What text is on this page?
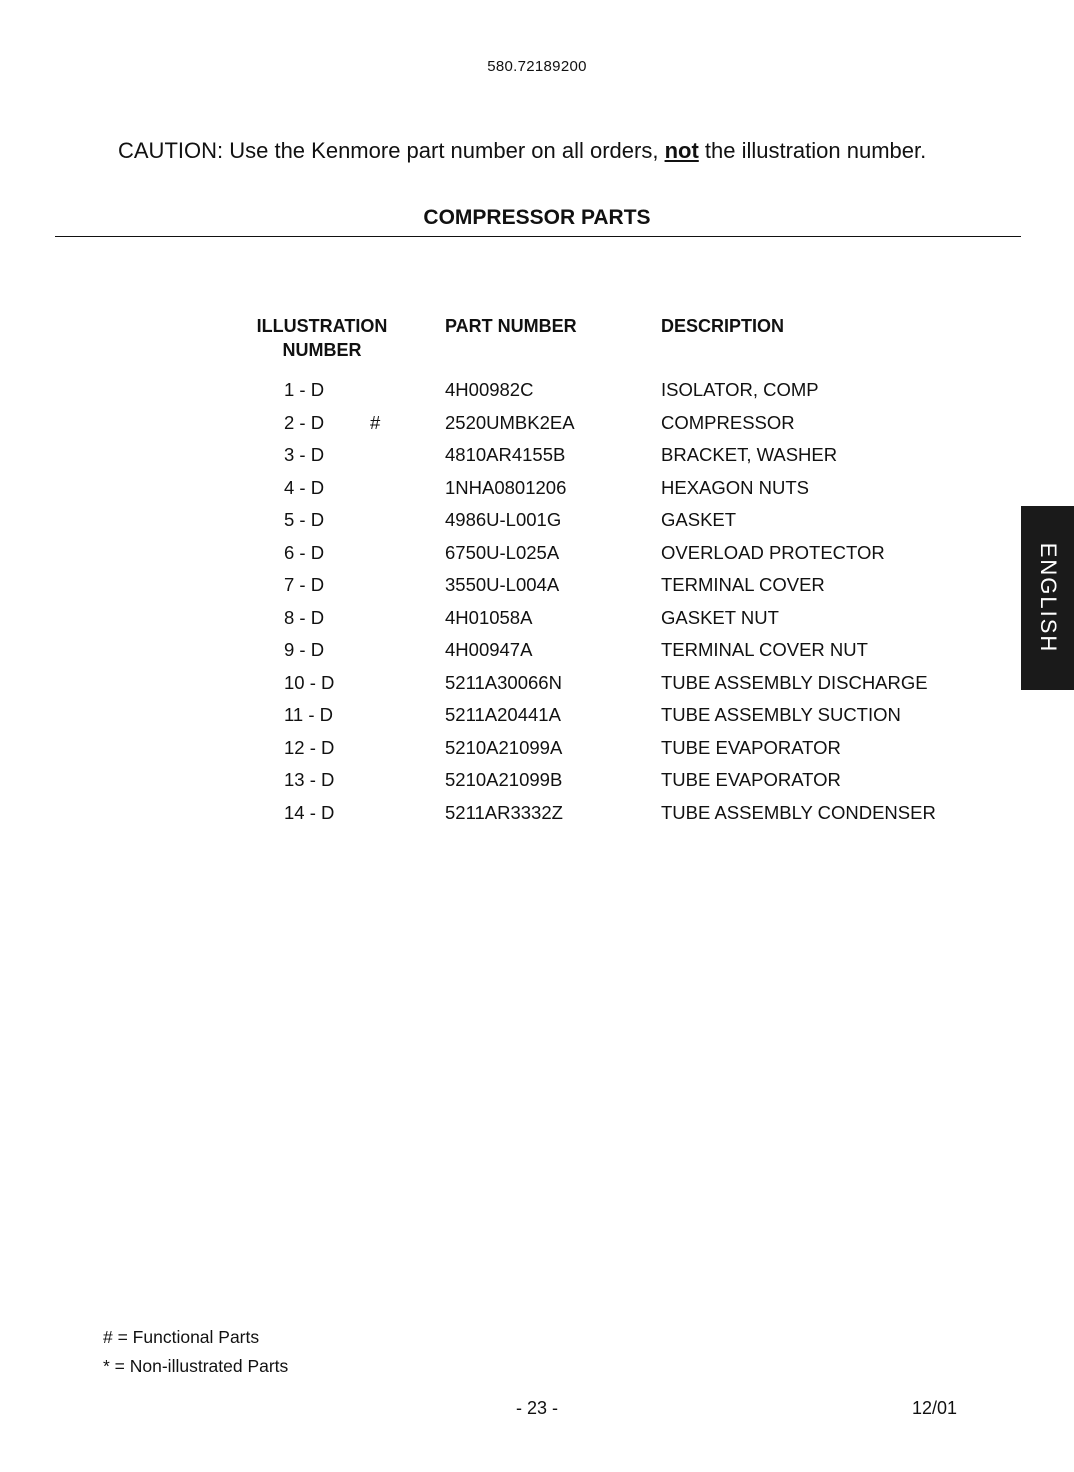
580.72189200
CAUTION: Use the Kenmore part number on all orders, not the illustration number.
COMPRESSOR PARTS
ILLUSTRATION
NUMBER
PART NUMBER	DESCRIPTION
1 - D	4H00982C	ISOLATOR, COMP
2 - D #	2520UMBK2EA	COMPRESSOR
3 - D	4810AR4155B	BRACKET, WASHER
4 - D	1NHA0801206	HEXAGON NUTS
5 - D	4986U-L001G	GASKET
6 - D	6750U-L025A	OVERLOAD PROTECTOR
7 - D	3550U-L004A	TERMINAL COVER
8 - D	4H01058A	GASKET NUT
9 - D	4H00947A	TERMINAL COVER NUT
10 - D	5211A30066N	TUBE ASSEMBLY DISCHARGE
11 - D	5211A20441A	TUBE ASSEMBLY SUCTION
12 - D	5210A21099A	TUBE EVAPORATOR
13 - D	5210A21099B	TUBE EVAPORATOR
14 - D	5211AR3332Z	TUBE ASSEMBLY CONDENSER
ENGLISH
# = Functional Parts
* = Non-illustrated Parts
- 23 -	12/01
